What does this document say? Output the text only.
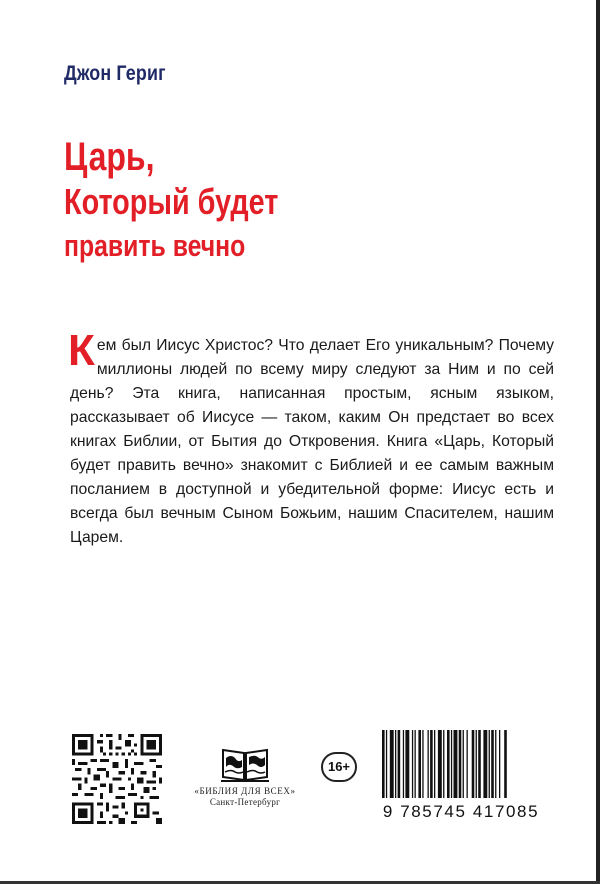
Джон Гериг
Царь,
Который будет
править вечно
Кем был Иисус Христос? Что делает Его уникальным? Почему миллионы людей по всему миру следуют за Ним и по сей день? Эта книга, написанная простым, ясным языком, рассказывает об Иисусе — таком, каким Он предстает во всех книгах Библии, от Бытия до Откровения. Книга «Царь, Который будет править вечно» знакомит с Библией и ее самым важным посланием в доступной и убедительной форме: Иисус есть и всегда был вечным Сыном Божьим, нашим Спасителем, нашим Царем.
«БИБЛИЯ ДЛЯ ВСЕХ»
Санкт-Петербург
16+
9 785745 417085
